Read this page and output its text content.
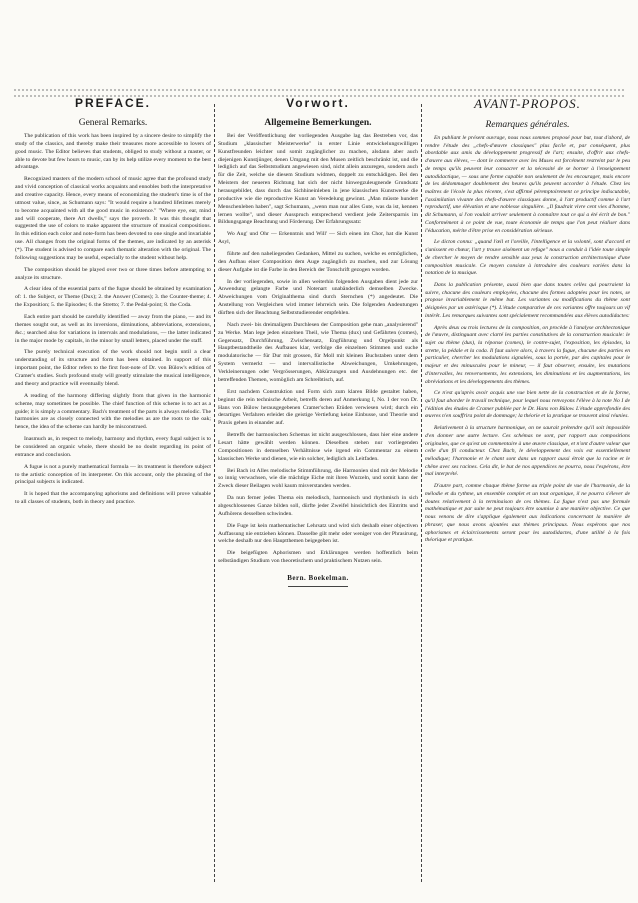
PREFACE.
General Remarks.

The publication of this work has been inspired by a sincere desire to simplify the study of the classics, and thereby make their treasures more accessible to lovers of good music. The Editor believes that students, obliged to study without a master, or able to devote but few hours to music, can by its help utilize every moment to the best advantage.

Recognized masters of the modern school of music agree that the profound study and vivid conception of classical works acquaints and ennobles both the interpretative and creative capacity. Hence, every means of economizing the student's time is of the utmost value, since, as Schumann says: "It would require a hundred lifetimes merely to become acquainted with all the good music in existence." "Where eye, ear, mind and will cooperate, there Art dwells," says the proverb. It was this thought that suggested the use of colors to make apparent the structure of musical compositions. In this edition each color and note-form has been devoted to one single and invariable use. All changes from the original forms of the themes, are indicated by an asterisk (*). The student is advised to compare each thematic alteration with the original. The following suggestions may be useful, especially to the student without help.

The composition should be played over two or three times before attempting to analyze its structure.

A clear idea of the essential parts of the fugue should be obtained by examination of: 1. the Subject, or Theme (Dux); 2. the Answer (Comes); 3. the Counter-theme; 4. the Exposition; 5. the Episodes; 6. the Stretto; 7. the Pedal-point; 8. the Coda.

Each entire part should be carefully identified — away from the piano, — and its themes sought out, as well as its inversions, diminutions, abbreviations, extensions, &c.; searched also for variations in intervals and modulations, — the latter indicated in the major mode by capitals, in the minor by small letters, placed under the staff.

The purely technical execution of the work should not begin until a clear understanding of its structure and form has been obtained. In support of this important point, the Editor refers to the first foot-note of Dr. von Bülow's edition of Cramer's studies. Such profound study will greatly stimulate the musical intelligence, and theory and practice will eventually blend.

A reading of the harmony differing slightly from that given in the harmonic scheme, may sometimes be possible. The chief function of this scheme is to act as a guide; it is simply a commentary. Bach's treatment of the parts is always melodic. The harmonies are as closely connected with the melodies as are the roots to the oak; hence, the idea of the scheme can hardly be misconstrued.

Inasmuch as, in respect to melody, harmony and rhythm, every fugal subject is to be considered an organic whole, there should be no doubt regarding its point of entrance and conclusion.

A fugue is not a purely mathematical formula — its treatment is therefore subject to the artistic conception of its interpreter. On this account, only the phrasing of the principal subjects is indicated.

It is hoped that the accompanying aphorisms and definitions will prove valuable to all classes of students, both in theory and practice.

Vorwort.
Allgemeine Bemerkungen.

Bei der Veröffentlichung der vorliegenden Ausgabe lag das Bestreben vor, das Studium „klassischer Meisterwerke" in erster Linie entwickelungswilligen Kunstfreunden leichter und somit zugänglicher zu machen, alsdann aber auch diejenigen Kunstjünger, denen Umgang mit den Musen zeitlich beschränkt ist, und die lediglich auf das Selbststudium angewiesen sind, nicht allein anzuregen, sondern auch für die Zeit, welche sie diesem Studium widmen, doppelt zu entschädigen. Bei den Meistern der neueren Richtung hat sich der nicht hinwegzuleugnende Grundsatz herausgebildet, dass durch das Sichhineinleben in jene klassischen Kunstwerke die productive wie die reproductive Kunst an Veredelung gewinnt. „Man müsste hundert Menschenleben haben", sagt Schumann, „wenn man nur alles Gute, was da ist, kennen lernen wollte", und dieser Ausspruch entsprechend verdient jede Zeitersparnis im Bildungsgange Beachtung und Förderung. Der Erfahrungssatz:

Wo Aug' und Ohr — Erkenntnis und Will' — Sich einen im Chor, hat die Kunst Asyl,

führte auf den naheliegenden Gedanken, Mittel zu suchen, welche es ermöglichen, den Aufbau einer Composition dem Auge zugänglich zu machen, und zur Lösung dieser Aufgabe ist die Farbe in den Bereich der Tonschrift gezogen worden.

In der vorliegenden, sowie in allen weiterhin folgenden Ausgaben dient jede zur Anwendung gelangte Farbe und Notenart unabänderlich demselben Zwecke. Abweichungen vom Originalthema sind durch Sternchen (*) angedeutet. Die Anstellung von Vergleichen wird immer lehrreich sein. Die folgenden Andeutungen dürften sich der Beachtung Selbststudierender empfehlen.

Nach zwei- bis dreimaligem Durchlesen der Composition gehe man „analysierend" zu Werke. Man lege jeden einzelnen Theil, wie Thema (dux) und Gefährten (comes), Gegensatz, Durchführung, Zwischensatz, Engführung und Orgelpunkt als Hauptbestandtheile des Aufbaues klar, verfolge die einzelnen Stimmen und suche modulatorische — für Dur mit grossen, für Moll mit kleinen Buchstaben unter dem System vermerkt — und intervallistische Abweichungen, Umkehrungen, Verkleinerungen oder Vergrösserungen, Abkürzungen und Ausdehnungen etc. der betreffenden Themen, womöglich am Schreibtisch, auf.

Erst nachdem Construktion und Form sich zum klaren Bilde gestaltet haben, beginnt die rein technische Arbeit, betreffs deren auf Anmerkung I, No. I der von Dr. Hans von Bülow herausgegebenen Cramer'schen Etüden verwiesen wird; durch ein derartiges Verfahren erleidet die geistige Vertiefung keine Einbusse, und Theorie und Praxis gehen in einander auf.

Betreffs der harmonischen Schemas ist nicht ausgeschlossen, dass hier eine andere Lesart hätte gewählt werden können. Dieselben stehen nur vorliegenden Compositionen in demselben Verhältnisse wie irgend ein Commentar zu einem klassischen Werke und dienen, wie ein solcher, lediglich als Leitfaden.

Bei Bach ist Alles melodische Stimmführung, die Harmonien sind mit der Melodie so innig verwachsen, wie die mächtige Eiche mit ihren Wurzeln, und somit kann der Zweck dieser Beilagen wohl kaum misverstanden werden.

Da nun ferner jedes Thema ein melodisch, harmonisch und rhythmisch in sich abgeschlossenes Ganze bilden soll, dürfte jeder Zweifel hinsichtlich des Eintritts und Aufhörens desselben schwinden.

Die Fuge ist kein mathematischer Lehrsatz und wird sich deshalb einer objectiven Auffassung nie entziehen können. Dasselbe gilt mehr oder weniger von der Phrasirung, welche deshalb nur den Hauptthemen beigegeben ist.

Die beigefügten Aphorismen und Erklärungen werden hoffentlich beim selbständigen Studium von theoretischem und praktischem Nutzen sein.

Bern. Boekelman.
AVANT-PROPOS.
Remarques générales.

En publiant le présent ouvrage, nous nous sommes proposé pour but, tout d'abord, de rendre l'étude des „chefs-d'œuvre classiques" plus facile et, par conséquent, plus abordable aux amis du développement progressif de l'art; ensuite, d'offrir aux chefs-d'œuvre aux élèves, — dont le commerce avec les Muses est forcément restreint par le peu de temps qu'ils peuvent leur consacrer et la nécessité de se borner à l'enseignement autodidactique, — sous une forme capable non seulement de les encourager, mais encore de les dédommager doublement des heures qu'ils peuvent accorder à l'étude. Chez les maîtres de l'école la plus récente, s'est affirmé péremptoirement ce principe indiscutable, l'assimilation vivante des chefs-d'œuvre classiques donne, à l'art productif comme à l'art reproductif, une élévation et une noblesse singulière. „Il faudrait vivre cent vies d'homme, dit Schumann, si l'on voulait arriver seulement à connaître tout ce qui a été écrit de bon." Conformément à ce point de vue, toute économie de temps que l'on peut réaliser dans l'éducation, mérite d'être prise en considération sérieuse.

Le dicton connu: „quand l'œil et l'oreille, l'intelligence et la volonté, sont d'accord et s'unissent en chœur, l'art y trouve aisément un refuge" nous a conduit à l'idée toute simple de chercher le moyen de rendre sensible aux yeux la construction architectonique d'une composition musicale. Ce moyen consiste à introduire des couleurs variées dans la notation de la musique.

Dans la publication présente, aussi bien que dans toutes celles qui pourraient la suivre, chacune des couleurs employées, chacune des formes adoptées pour les notes, se propose invariablement le même but. Les variantes ou modifications du thème sont désignées par un astérisque (*). L'étude comparative de ces variantes offre toujours un vif intérêt. Les remarques suivantes sont spécialement recommandées aux élèves autodidactes:

Après deux ou trois lectures de la composition, on procède à l'analyse architectonique de l'œuvre, distinguant avec clarté les parties constitutives de la construction musicale: le sujet ou thème (dux), la réponse (comes), le contre-sujet, l'exposition, les épisodes, la strette, la pédale et la coda. Il faut suivre alors, à travers la fugue, chacune des parties en particulier, chercher les modulations signalées, sous la portée, par des capitales pour le majeur et des minuscules pour le mineur, — il faut observer, ensuite, les mutations d'intervalles, les renversements, les extensions, les diminutions et les augmentations, les abréviations et les développements des thèmes.

Ce n'est qu'après avoir acquis une vue bien nette de la construction et de la forme, qu'il faut aborder le travail technique, pour lequel nous renvoyons l'élève à la note No I de l'édition des études de Cramer publiée par le Dr. Hans von Bülow. L'étude approfondie des œuvres n'en souffrira point de dommage; la théorie et la pratique se trouvent ainsi réunies.

Relativement à la structure harmonique, on ne saurait prétendre qu'il soit impossible d'en donner une autre lecture. Ces schémas ne sont, par rapport aux compositions originales, que ce qu'est un commentaire à une œuvre classique, et n'ont d'autre valeur que celle d'un fil conducteur. Chez Bach, le développement des voix est essentiellement mélodique; l'harmonie et le chant sont dans un rapport aussi étroit que la racine et le chêne avec ses racines. Cela dit, le but de nos appendices ne pourra, nous l'espérons, être mal interprété.

D'autre part, comme chaque thème forme au triple point de vue de l'harmonie, de la mélodie et du rythme, un ensemble complet et un tout organique, il ne pourra s'élever de doutes relativement à la terminaison de ces thèmes. La fugue n'est pas une formule mathématique et par suite ne peut toujours être soumise à une manière objective. Ce que nous venons de dire s'applique également aux indications concernant la manière de phraser, que nous avons ajoutées aux thèmes principaux. Nous espérons que nos aphorismes et éclaircissements seront pour les autodidactes, d'une utilité à la fois théorique et pratique.
